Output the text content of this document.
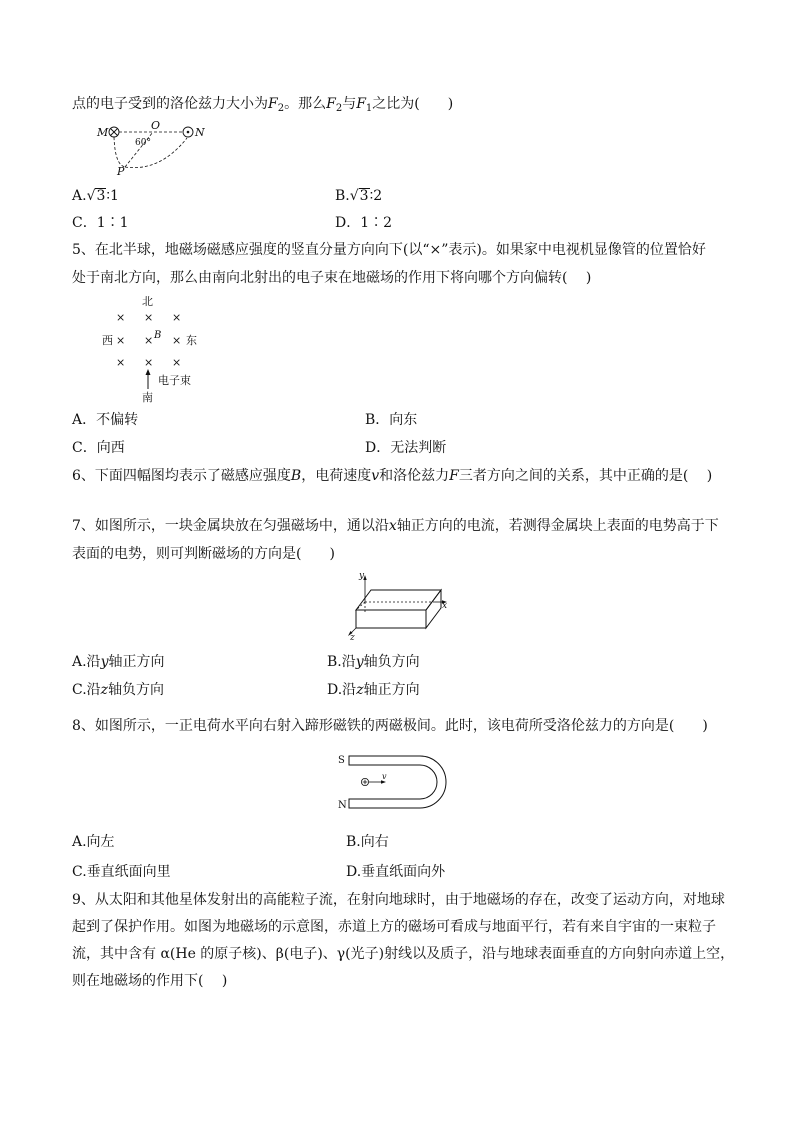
点的电子受到的洛伦兹力大小为$F_2$。那么$F_2$与$F_1$之比为(　　)
M
O
N
P
60°
A.√3∶1	B.√3∶2
C．1∶1	D．1∶2
5、在北半球，地磁场磁感应强度的竖直分量方向向下(以“×”表示)。如果家中电视机显像管的位置恰好
处于南北方向，那么由南向北射出的电子束在地磁场的作用下将向哪个方向偏转(　 )
北
× × ×
西 × × B × 东
× × ×
电子束
南
A．不偏转	B．向东
C．向西	D．无法判断
6、下面四幅图均表示了磁感应强度B，电荷速度v和洛伦兹力F三者方向之间的关系，其中正确的是(　 )
7、如图所示，一块金属块放在匀强磁场中，通以沿x轴正方向的电流，若测得金属块上表面的电势高于下
表面的电势，则可判断磁场的方向是(　　)
y
x
z
A.沿y轴正方向	B.沿y轴负方向
C.沿z轴负方向	D.沿z轴正方向
8、如图所示，一正电荷水平向右射入蹄形磁铁的两磁极间。此时，该电荷所受洛伦兹力的方向是(　　)
S
N
v
A.向左	B.向右
C.垂直纸面向里	D.垂直纸面向外
9、从太阳和其他星体发射出的高能粒子流，在射向地球时，由于地磁场的存在，改变了运动方向，对地球
起到了保护作用。如图为地磁场的示意图，赤道上方的磁场可看成与地面平行，若有来自宇宙的一束粒子
流，其中含有 α(He 的原子核)、β(电子)、γ(光子)射线以及质子，沿与地球表面垂直的方向射向赤道上空，
则在地磁场的作用下(　 )
